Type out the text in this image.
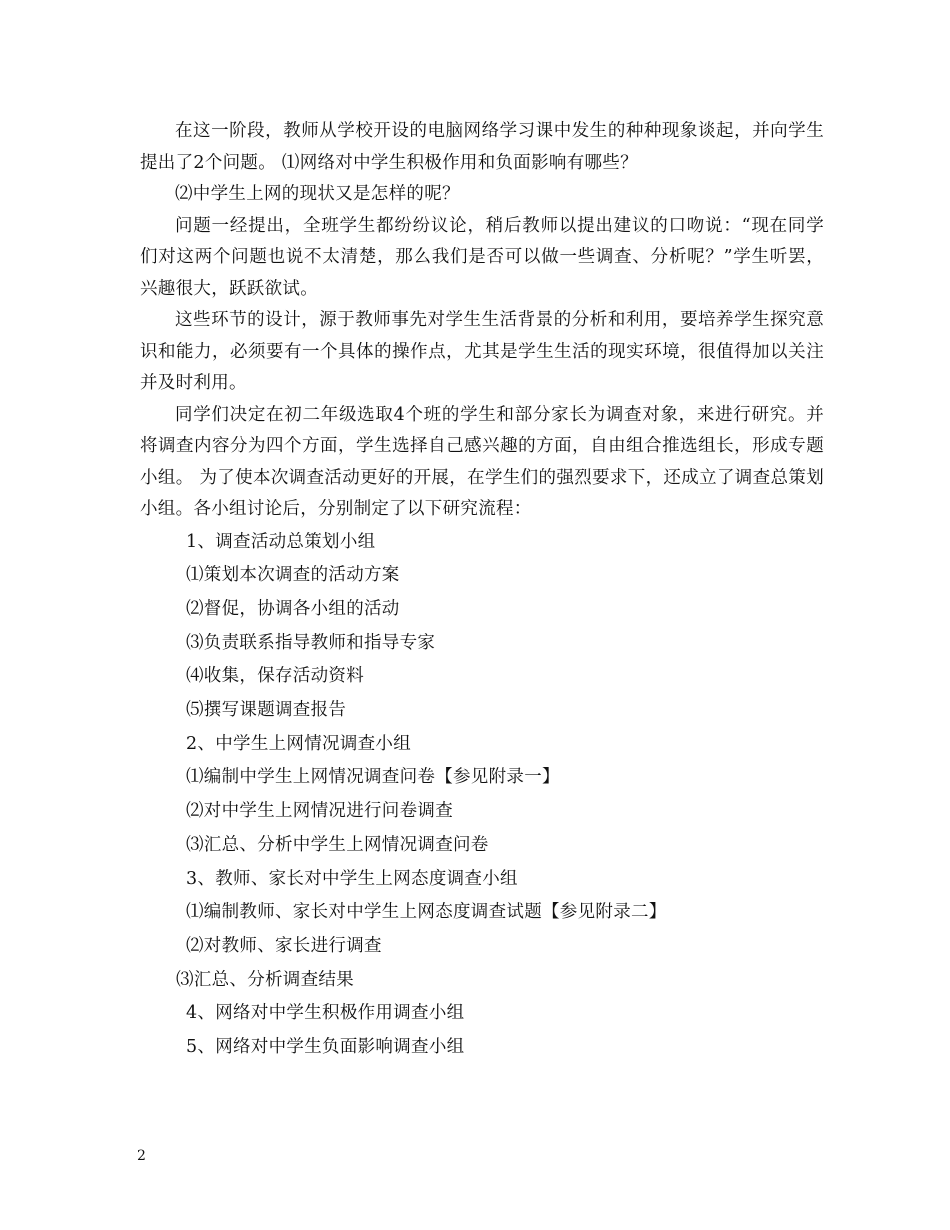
在这一阶段，教师从学校开设的电脑网络学习课中发生的种种现象谈起，并向学生提出了2个问题。 ⑴网络对中学生积极作用和负面影响有哪些？

⑵中学生上网的现状又是怎样的呢？

问题一经提出，全班学生都纷纷议论，稍后教师以提出建议的口吻说：“现在同学们对这两个问题也说不太清楚，那么我们是否可以做一些调查、分析呢？”学生听罢，兴趣很大，跃跃欲试。

这些环节的设计，源于教师事先对学生生活背景的分析和利用，要培养学生探究意识和能力，必须要有一个具体的操作点，尤其是学生生活的现实环境，很值得加以关注并及时利用。

同学们决定在初二年级选取4个班的学生和部分家长为调查对象，来进行研究。并将调查内容分为四个方面，学生选择自己感兴趣的方面，自由组合推选组长，形成专题小组。 为了使本次调查活动更好的开展，在学生们的强烈要求下，还成立了调查总策划小组。各小组讨论后，分别制定了以下研究流程：

1、调查活动总策划小组

⑴策划本次调查的活动方案

⑵督促，协调各小组的活动

⑶负责联系指导教师和指导专家

⑷收集，保存活动资料

⑸撰写课题调查报告

2、中学生上网情况调查小组

⑴编制中学生上网情况调查问卷【参见附录一】

⑵对中学生上网情况进行问卷调查

⑶汇总、分析中学生上网情况调查问卷

3、教师、家长对中学生上网态度调查小组

⑴编制教师、家长对中学生上网态度调查试题【参见附录二】

⑵对教师、家长进行调查

⑶汇总、分析调查结果

4、网络对中学生积极作用调查小组

5、网络对中学生负面影响调查小组

2
